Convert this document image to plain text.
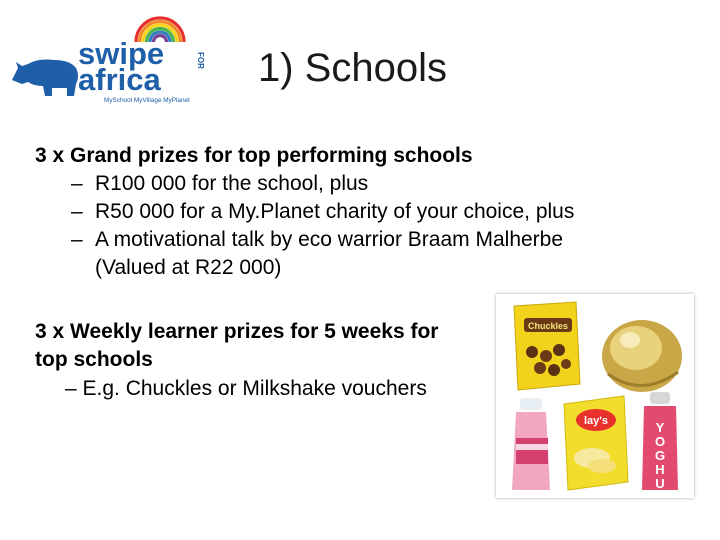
swipe
africa
FOR
MySchool MyVillage MyPlanet
1) Schools
3 x Grand prizes for top performing schools
– R100 000 for the school, plus
– R50 000 for a My.Planet charity of your choice, plus
– A motivational talk by eco warrior Braam Malherbe
(Valued at R22 000)
3 x Weekly learner prizes for 5 weeks for
top schools
– E.g. Chuckles or Milkshake vouchers
Chuckles
lay's	Y
O
G
H
U
